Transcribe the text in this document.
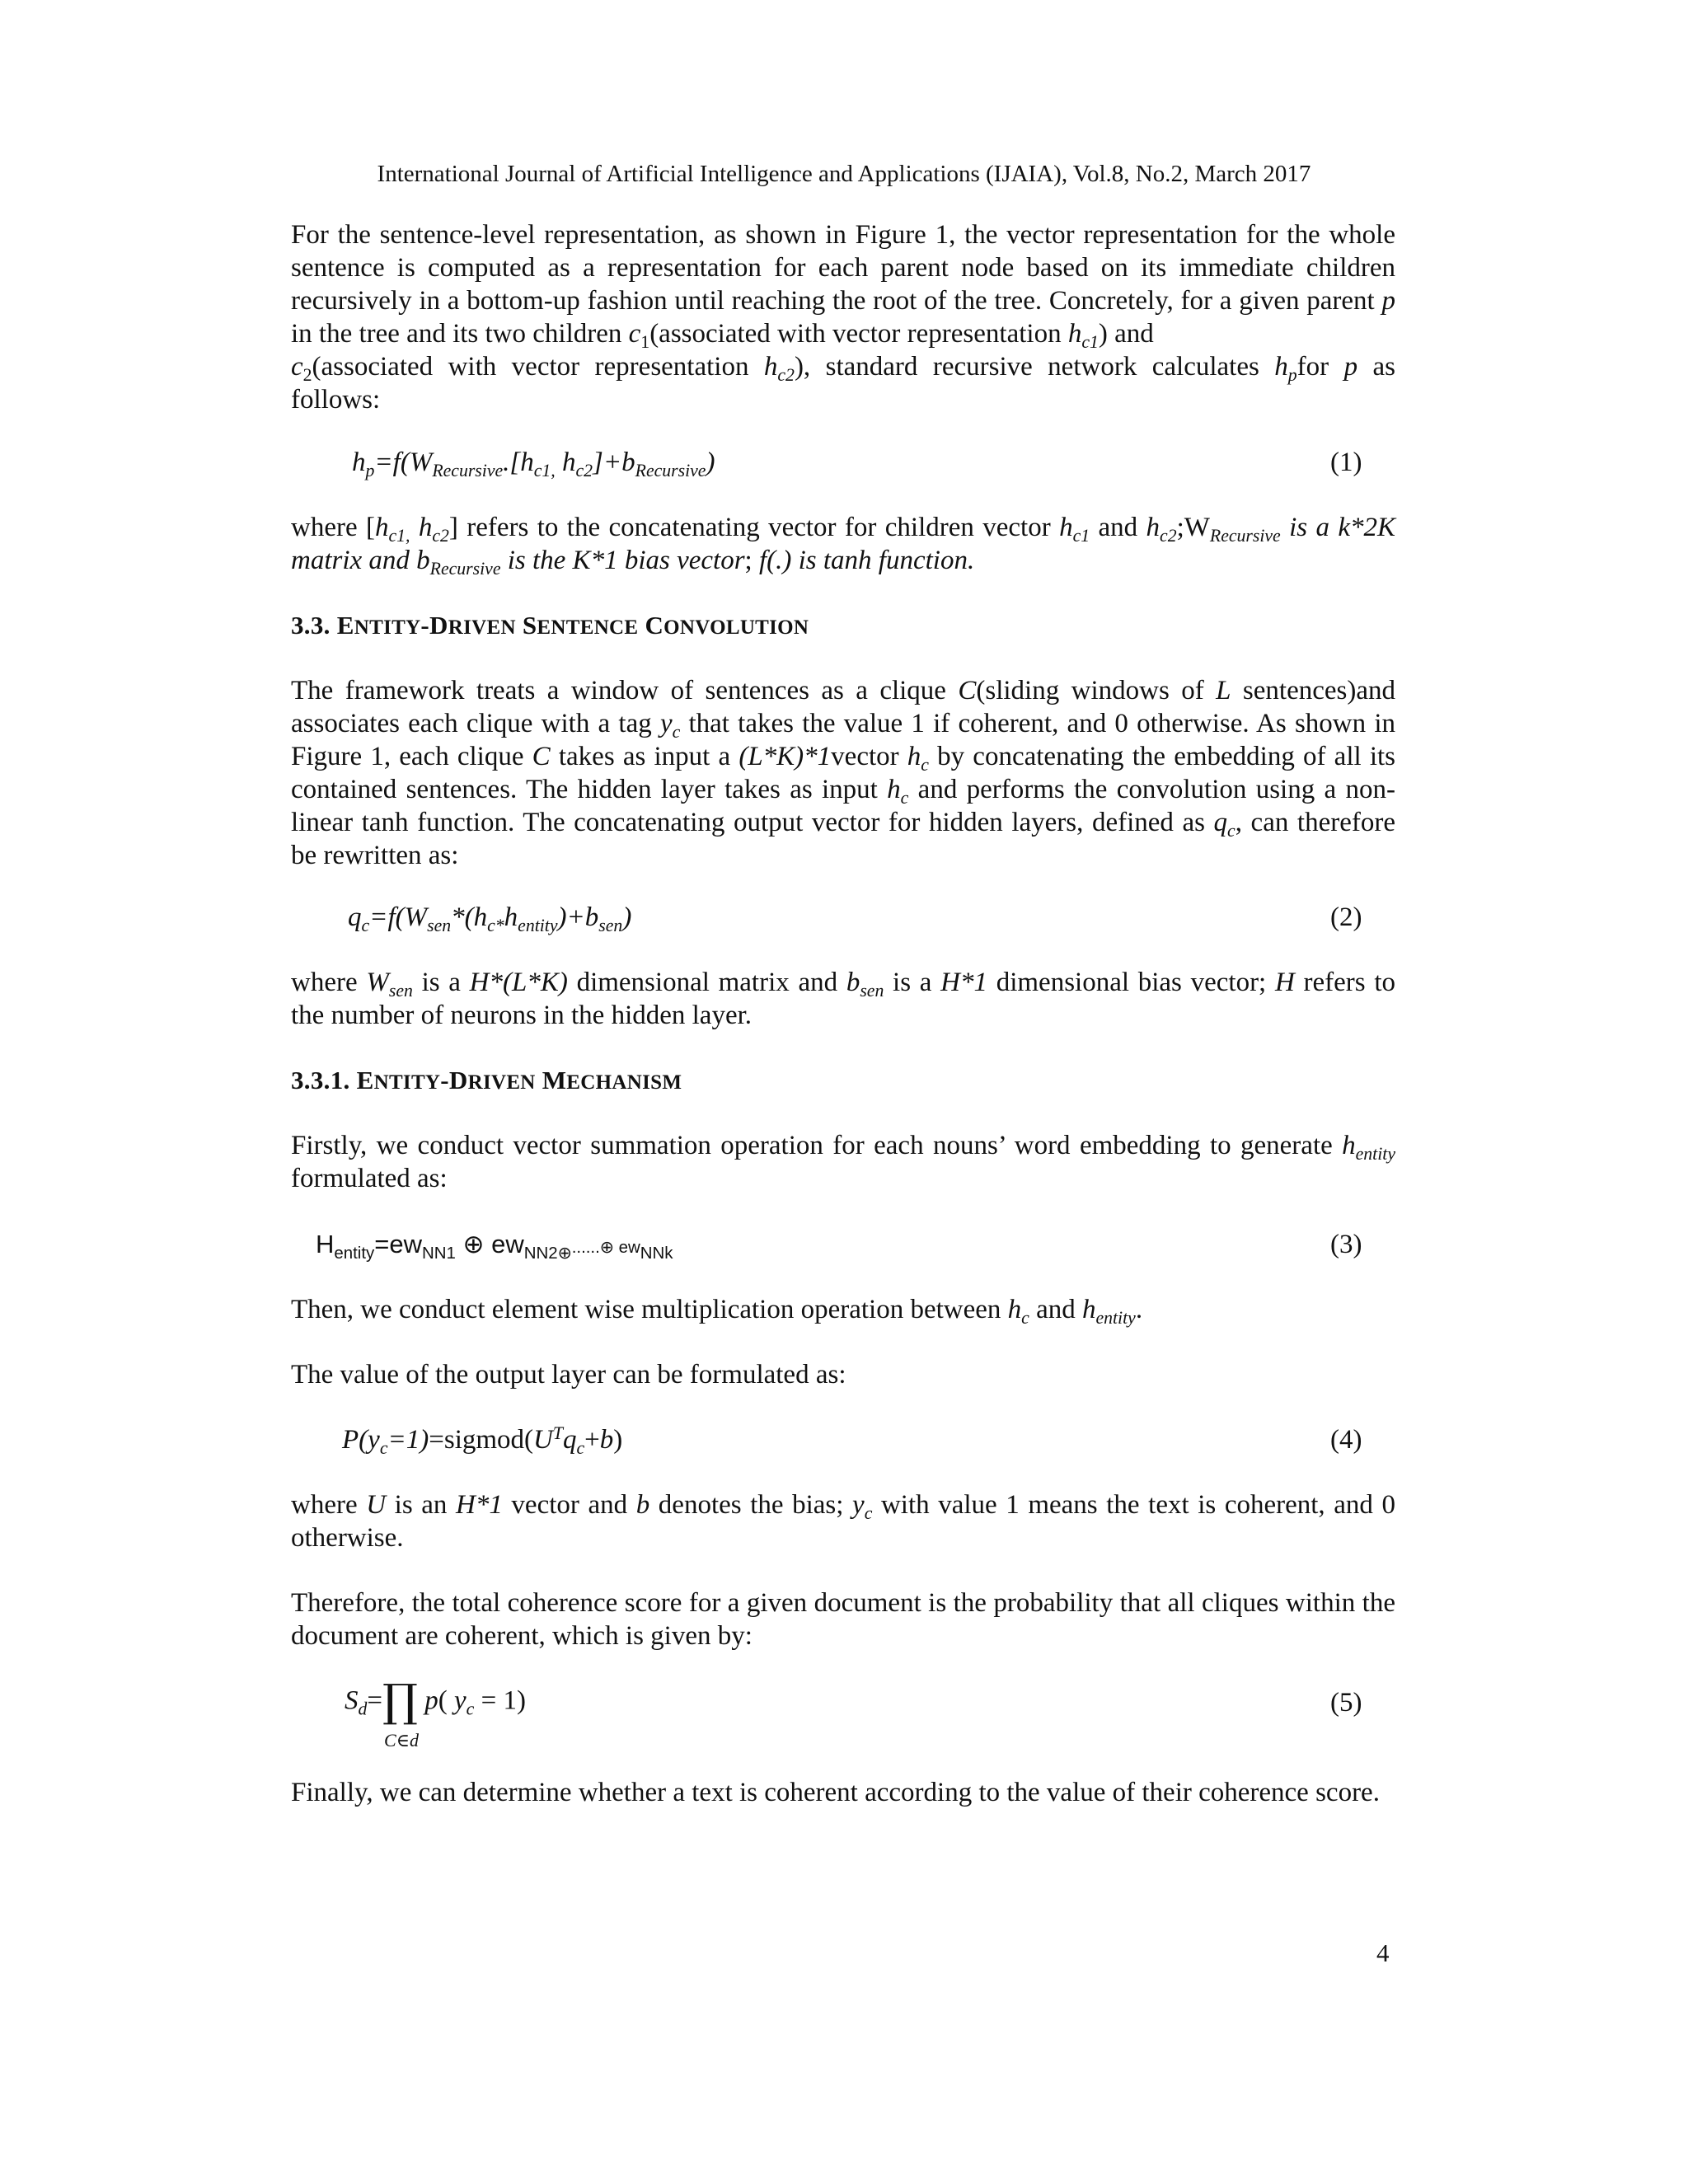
International Journal of Artificial Intelligence and Applications (IJAIA), Vol.8, No.2, March 2017

For the sentence-level representation, as shown in Figure 1, the vector representation for the whole sentence is computed as a representation for each parent node based on its immediate children recursively in a bottom-up fashion until reaching the root of the tree. Concretely, for a given parent p in the tree and its two children $c_1(associated$ with vector representation $h_{c1}$) and
$c_2(associated$ with vector representation $h_{c2}$), standard recursive network calculates $h_pfor$ p as follows:

$h_p=f(W_{Recursive}.[h_{c1,}$ $h_{c2}]+b_{Recursive}$)	(1)

where [$h_{c1,}$ $h_{c2}$] refers to the concatenating vector for children vector $h_{c1}$ and $h_{c2};W_{Recursive}$ is a k*2K matrix and $b_{Recursive}$ is the K*1 bias vector; f(.) is tanh function.

3.3. ENTITY-DRIVEN SENTENCE CONVOLUTION

The framework treats a window of sentences as a clique C(sliding windows of L sentences)and associates each clique with a tag $y_c$ that takes the value 1 if coherent, and 0 otherwise. As shown in Figure 1, each clique C takes as input a (L*K)*1vector $h_c$ by concatenating the embedding of all its contained sentences. The hidden layer takes as input $h_c$ and performs the convolution using a non-linear tanh function. The concatenating output vector for hidden layers, defined as $q_c$, can therefore be rewritten as:

$q_c=f(W_{sen}*(h_{c*}h_{entity})+b_{sen})$	(2)

where $W_{sen}$ is a H*(L*K) dimensional matrix and $b_{sen}$ is a H*1 dimensional bias vector; H refers to the number of neurons in the hidden layer.

3.3.1. ENTITY-DRIVEN MECHANISM

Firstly, we conduct vector summation operation for each nouns’ word embedding to generate $h_{entity}$ formulated as:

$H_{entity}=ew_{NN1}$ ⊕ $ew_{NN2\oplus}......\oplus$ $ew_{NNk}$	(3)

Then, we conduct element wise multiplication operation between $h_c$ and $h_{entity}$.

The value of the output layer can be formulated as:

$P(y_c=1)=sigmod(U^Tq_c+b)$	(4)

where U is an H*1 vector and b denotes the bias; $y_c$ with value 1 means the text is coherent, and 0 otherwise.

Therefore, the total coherence score for a given document is the probability that all cliques within the document are coherent, which is given by:

$S_d=\prod$
C∈d
p( $y_c = 1$)	(5)

Finally, we can determine whether a text is coherent according to the value of their coherence score.

4
